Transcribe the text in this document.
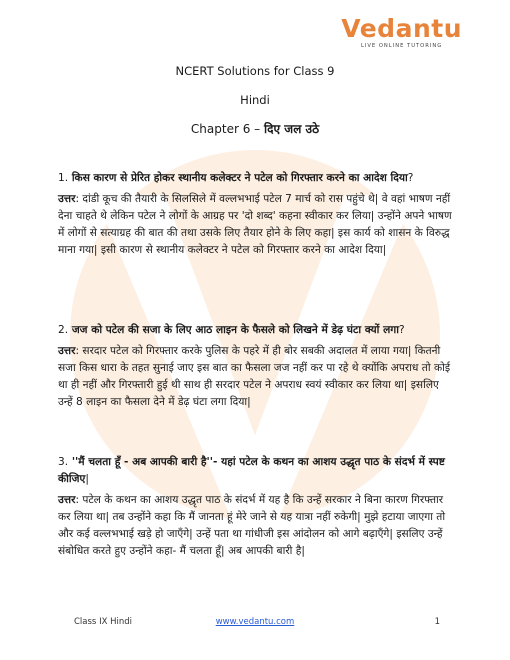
Vedantu
LIVE ONLINE TUTORING
NCERT Solutions for Class 9
Hindi
Chapter 6 – दिए जल उठे

1. किस कारण से प्रेरित होकर स्थानीय कलेक्टर ने पटेल को गिरफ्तार करने का आदेश दिया?

उत्तर: दांडी कूच की तैयारी के सिलसिले में वल्लभभाई पटेल 7 मार्च को रास पहुंचे थे| वे वहां भाषण नहीं देना चाहते थे लेकिन पटेल ने लोगों के आग्रह पर 'दो शब्द' कहना स्वीकार कर लिया| उन्होंने अपने भाषण में लोगों से सत्याग्रह की बात की तथा उसके लिए तैयार होने के लिए कहा| इस कार्य को शासन के विरुद्ध माना गया| इसी कारण से स्थानीय कलेक्टर ने पटेल को गिरफ्तार करने का आदेश दिया|

2. जज को पटेल की सजा के लिए आठ लाइन के फैसले को लिखने में डेढ़ घंटा क्यों लगा?

उत्तर: सरदार पटेल को गिरफ्तार करके पुलिस के पहरे में ही बोर सबकी अदालत में लाया गया| कितनी सजा किस धारा के तहत सुनाई जाए इस बात का फैसला जज नहीं कर पा रहे थे क्योंकि अपराध तो कोई था ही नहीं और गिरफ्तारी हुई थी साथ ही सरदार पटेल ने अपराध स्वयं स्वीकार कर लिया था| इसलिए उन्हें 8 लाइन का फैसला देने में डेढ़ घंटा लगा दिया|

3. ''मैं चलता हूँ - अब आपकी बारी है''- यहां पटेल के कथन का आशय उद्धृत पाठ के संदर्भ में स्पष्ट कीजिए|

उत्तर: पटेल के कथन का आशय उद्धृत पाठ के संदर्भ में यह है कि उन्हें सरकार ने बिना कारण गिरफ्तार कर लिया था| तब उन्होंने कहा कि मैं जानता हूं मेरे जाने से यह यात्रा नहीं रुकेगी| मुझे हटाया जाएगा तो और कई वल्लभभाई खड़े हो जाएँगे| उन्हें पता था गांधीजी इस आंदोलन को आगे बढ़ाएँगे| इसलिए उन्हें संबोधित करते हुए उन्होंने कहा- मैं चलता हूँ| अब आपकी बारी है|

Class IX Hindi	www.vedantu.com	1
